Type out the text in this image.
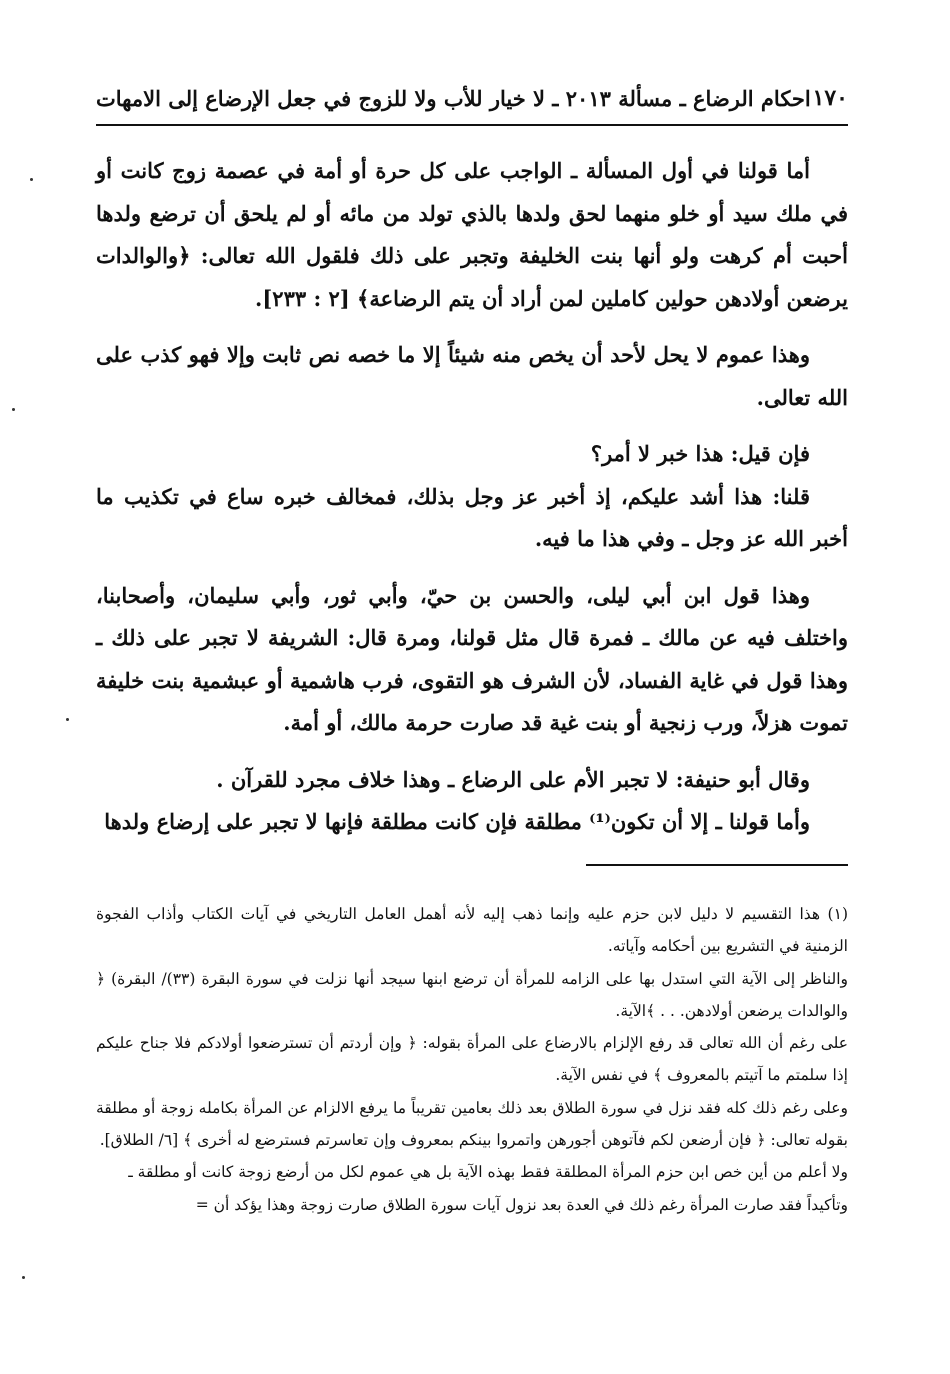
١٧٠
احكام الرضاع ـ مسألة ٢٠١٣ ـ لا خيار للأب ولا للزوج في جعل الإرضاع إلى الامهات

أما قولنا في أول المسألة ـ الواجب على كل حرة أو أمة في عصمة زوج كانت أو في ملك سيد أو خلو منهما لحق ولدها بالذي تولد من مائه أو لم يلحق أن ترضع ولدها أحبت أم كرهت ولو أنها بنت الخليفة وتجبر على ذلك فلقول الله تعالى: ﴿والوالدات يرضعن أولادهن حولين كاملين لمن أراد أن يتم الرضاعة﴾ [٢ : ٢٣٣].

وهذا عموم لا يحل لأحد أن يخص منه شيئاً إلا ما خصه نص ثابت وإلا فهو كذب على الله تعالى.

فإن قيل: هذا خبر لا أمر؟

قلنا: هذا أشد عليكم، إذ أخبر عز وجل بذلك، فمخالف خبره ساع في تكذيب ما أخبر الله عز وجل ـ وفي هذا ما فيه.

وهذا قول ابن أبي ليلى، والحسن بن حيّ، وأبي ثور، وأبي سليمان، وأصحابنا، واختلف فيه عن مالك ـ فمرة قال مثل قولنا، ومرة قال: الشريفة لا تجبر على ذلك ـ وهذا قول في غاية الفساد، لأن الشرف هو التقوى، فرب هاشمية أو عبشمية بنت خليفة تموت هزلاً، ورب زنجية أو بنت غية قد صارت حرمة مالك، أو أمة.

وقال أبو حنيفة: لا تجبر الأم على الرضاع ـ وهذا خلاف مجرد للقرآن .

وأما قولنا ـ إلا أن تكون⁽¹⁾ مطلقة فإن كانت مطلقة فإنها لا تجبر على إرضاع ولدها

(١) هذا التقسيم لا دليل لابن حزم عليه وإنما ذهب إليه لأنه أهمل العامل التاريخي في آيات الكتاب وأذاب الفجوة الزمنية في التشريع بين أحكامه وآياته.

والناظر إلى الآية التي استدل بها على الزامه للمرأة أن ترضع ابنها سيجد أنها نزلت في سورة البقرة (٣٣)/ البقرة) ﴿ والوالدات يرضعن أولادهن. . . ﴾الآية.

على رغم أن الله تعالى قد رفع الإلزام بالارضاع على المرأة بقوله: ﴿ وإن أردتم أن تسترضعوا أولادكم فلا جناح عليكم إذا سلمتم ما آتيتم بالمعروف ﴾ في نفس الآية.

وعلى رغم ذلك كله فقد نزل في سورة الطلاق بعد ذلك بعامين تقريباً ما يرفع الالزام عن المرأة بكامله زوجة أو مطلقة بقوله تعالى: ﴿ فإن أرضعن لكم فآتوهن أجورهن واتمروا بينكم بمعروف وإن تعاسرتم فسترضع له أخرى ﴾ [٦/ الطلاق].

ولا أعلم من أين خص ابن حزم المرأة المطلقة فقط بهذه الآية بل هي عموم لكل من أرضع زوجة كانت أو مطلقة ـ

وتأكيداً فقد صارت المرأة رغم ذلك في العدة بعد نزول آيات سورة الطلاق صارت زوجة وهذا يؤكد أن =
